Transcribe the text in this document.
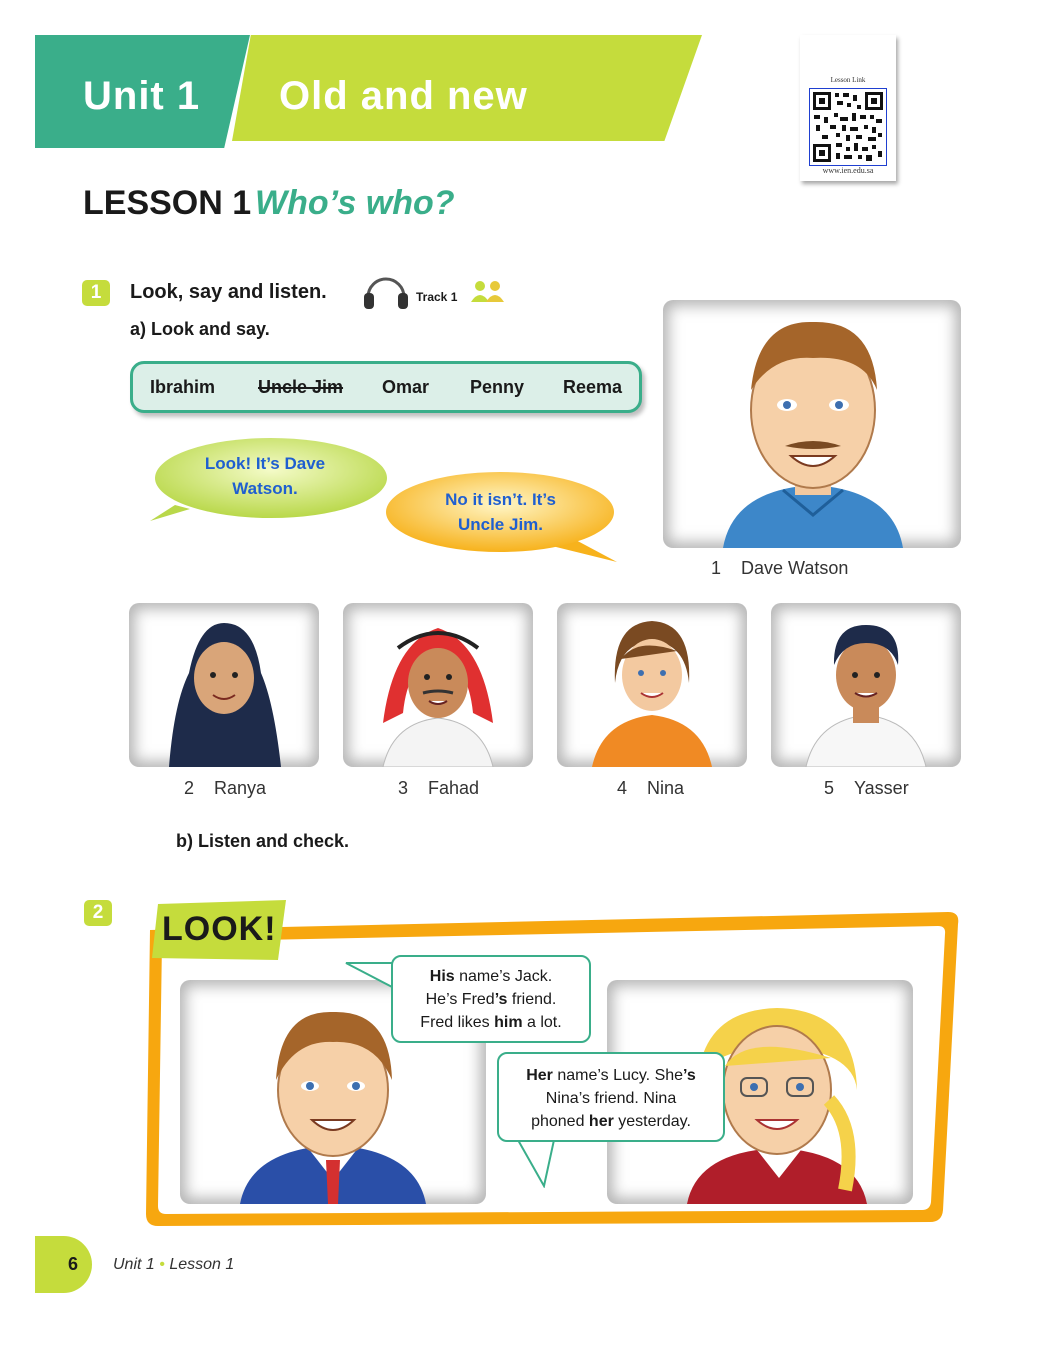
Unit 1 Old and new	Lesson Link
www.ien.edu.sa
LESSON 1 Who’s who?
1	Look, say and listen.	Track 1
a) Look and say.
Ibrahim Uncle Jim Omar Penny Reema
Look! It’s Dave
Watson.
No it isn’t. It’s
Uncle Jim.
1 Dave Watson
2 Ranya	3 Fahad	4 Nina	5 Yasser
b) Listen and check.
2 LOOK!
His name’s Jack.
He’s Fred’s friend.
Fred likes him a lot.
Her name’s Lucy. She’s
Nina’s friend. Nina
phoned her yesterday.
6 Unit 1 • Lesson 1
